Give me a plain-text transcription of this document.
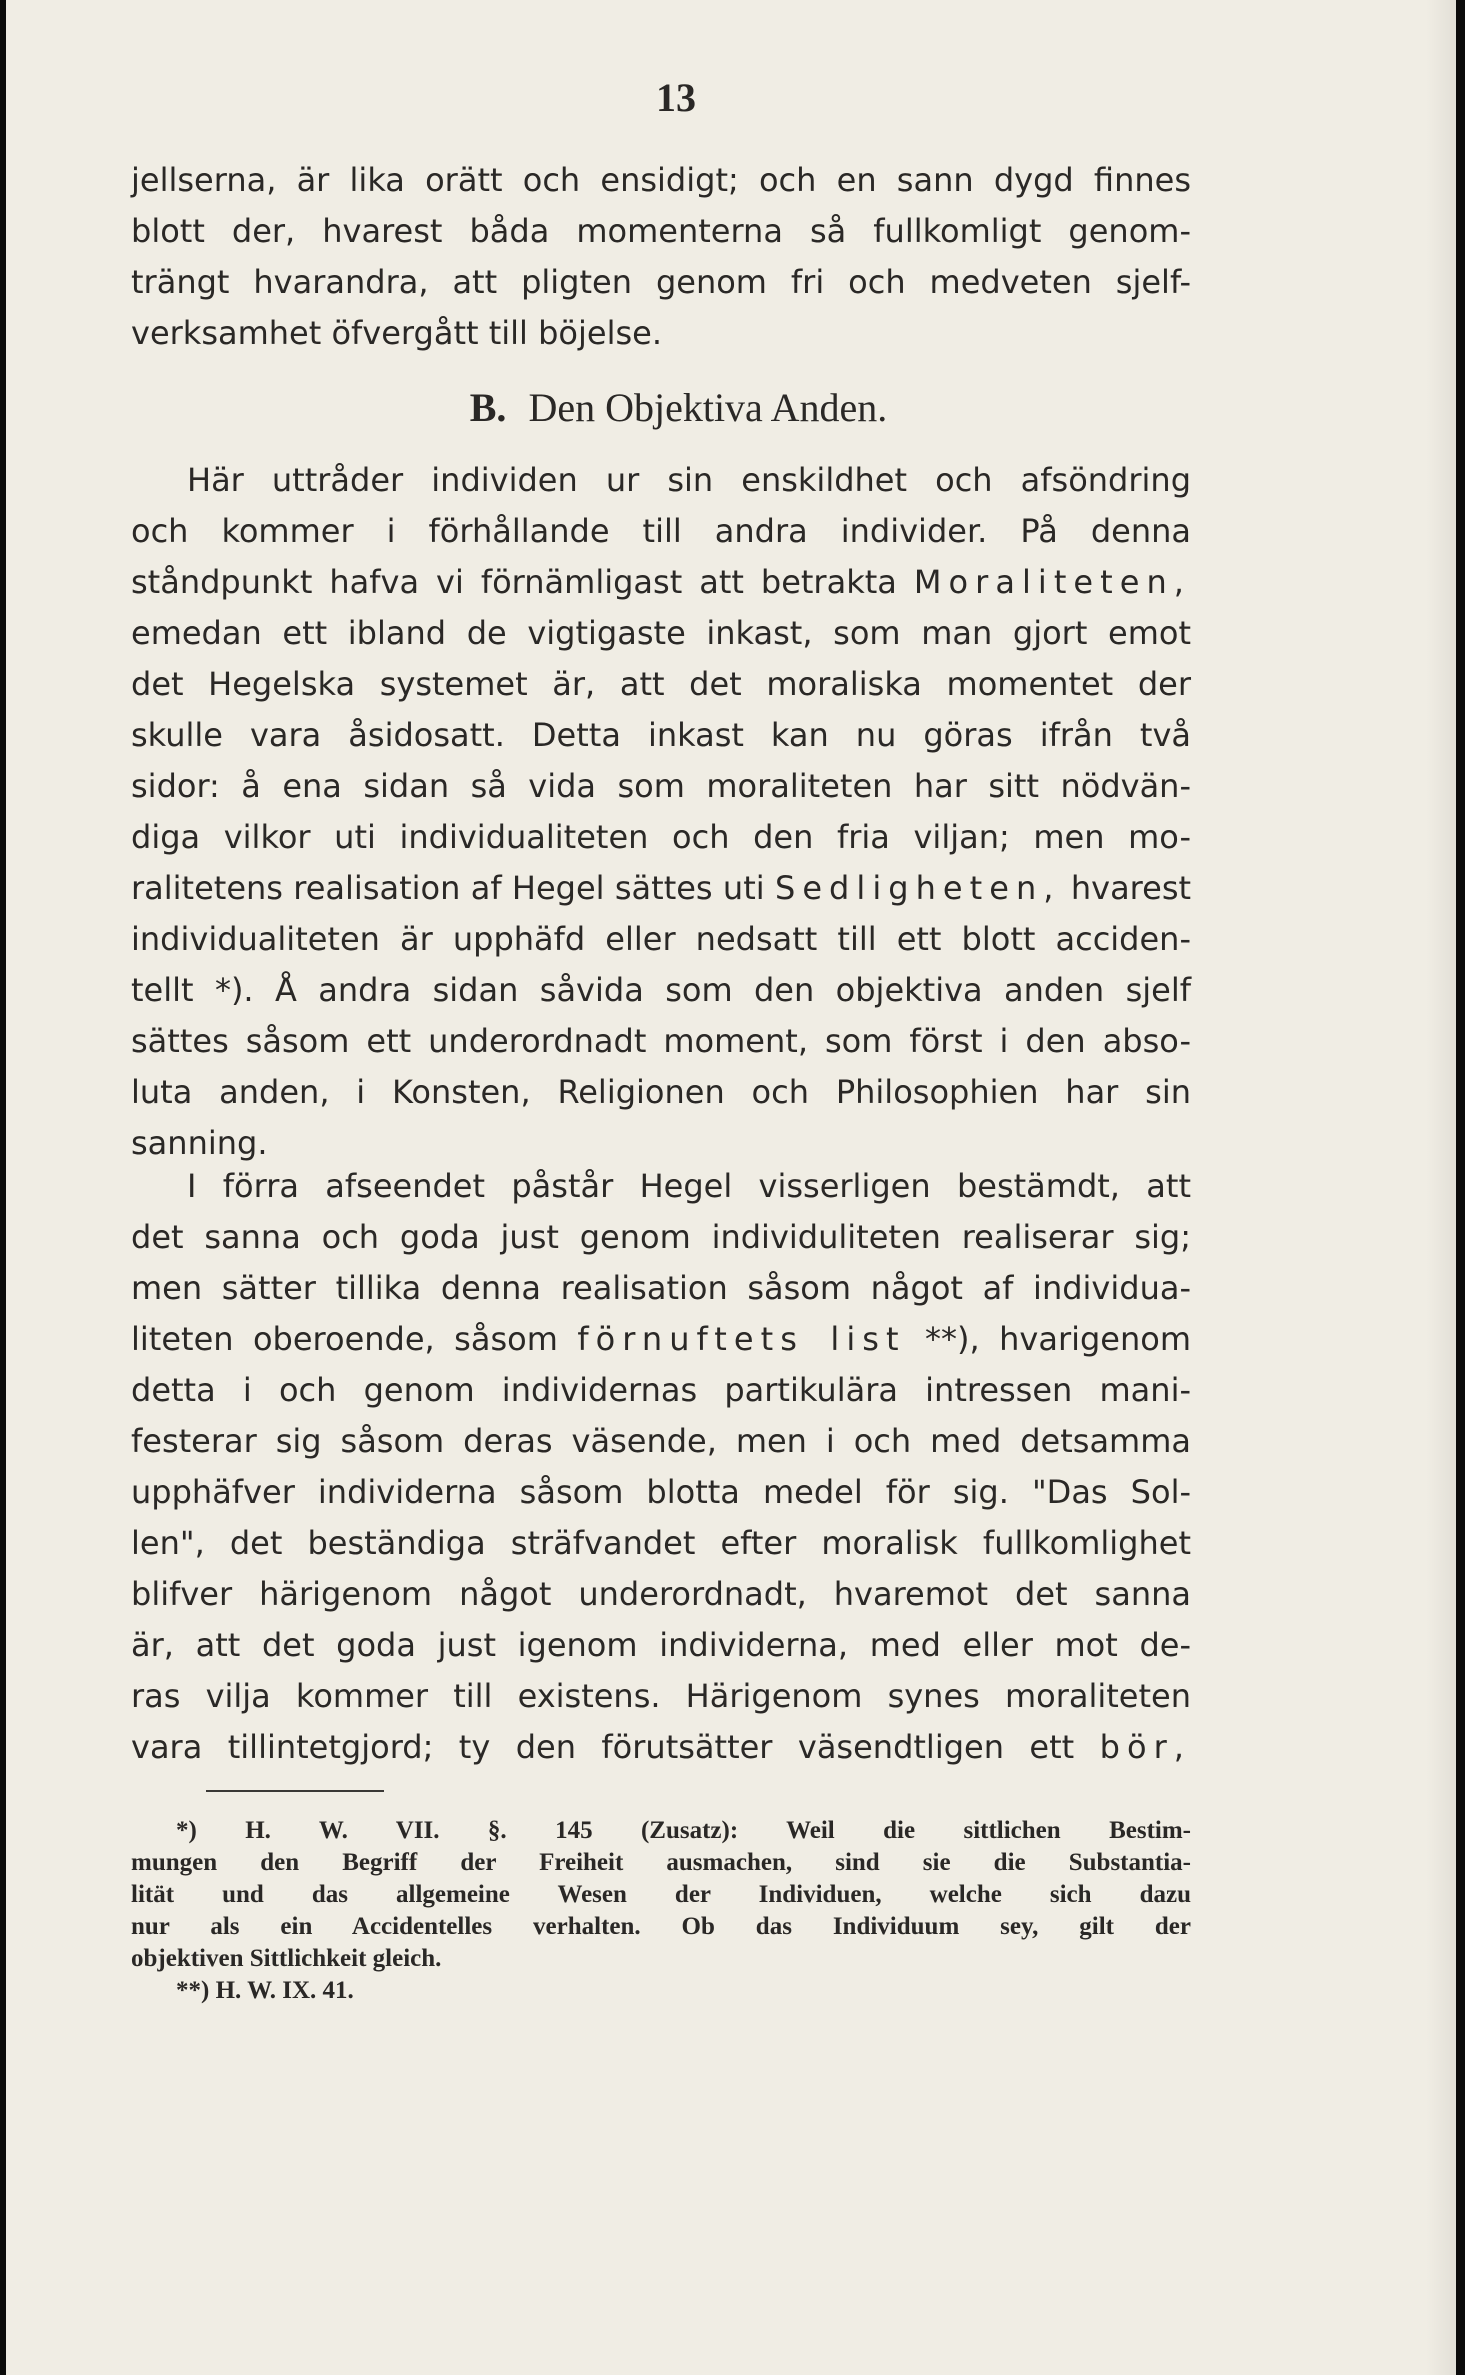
13

jellserna, är lika orätt och ensidigt; och en sann dygd finnes

blott der, hvarest båda momenterna så fullkomligt genom-

trängt hvarandra, att pligten genom fri och medveten sjelf-

verksamhet öfvergått till böjelse.

B. Den Objektiva Anden.

Här uttråder individen ur sin enskildhet och afsöndring

och kommer i förhållande till andra individer. På denna

ståndpunkt hafva vi förnämligast att betrakta Moraliteten,

emedan ett ibland de vigtigaste inkast, som man gjort emot

det Hegelska systemet är, att det moraliska momentet der

skulle vara åsidosatt. Detta inkast kan nu göras ifrån två

sidor: å ena sidan så vida som moraliteten har sitt nödvän-

diga vilkor uti individualiteten och den fria viljan; men mo-

ralitetens realisation af Hegel sättes uti Sedligheten, hvarest

individualiteten är upphäfd eller nedsatt till ett blott acciden-

tellt *). Å andra sidan såvida som den objektiva anden sjelf

sättes såsom ett underordnadt moment, som först i den abso-

luta anden, i Konsten, Religionen och Philosophien har sin

sanning.

I förra afseendet påstår Hegel visserligen bestämdt, att

det sanna och goda just genom individuliteten realiserar sig;

men sätter tillika denna realisation såsom något af individua-

liteten oberoende, såsom förnuftets list **), hvarigenom

detta i och genom individernas partikulära intressen mani-

festerar sig såsom deras väsende, men i och med detsamma

upphäfver individerna såsom blotta medel för sig. "Das Sol-

len", det beständiga sträfvandet efter moralisk fullkomlighet

blifver härigenom något underordnadt, hvaremot det sanna

är, att det goda just igenom individerna, med eller mot de-

ras vilja kommer till existens. Härigenom synes moraliteten

vara tillintetgjord; ty den förutsätter väsendtligen ett bör,

*) H. W. VII. §. 145 (Zusatz): Weil die sittlichen Bestim-

mungen den Begriff der Freiheit ausmachen, sind sie die Substantia-

lität und das allgemeine Wesen der Individuen, welche sich dazu

nur als ein Accidentelles verhalten. Ob das Individuum sey, gilt der

objektiven Sittlichkeit gleich.

**) H. W. IX. 41.
